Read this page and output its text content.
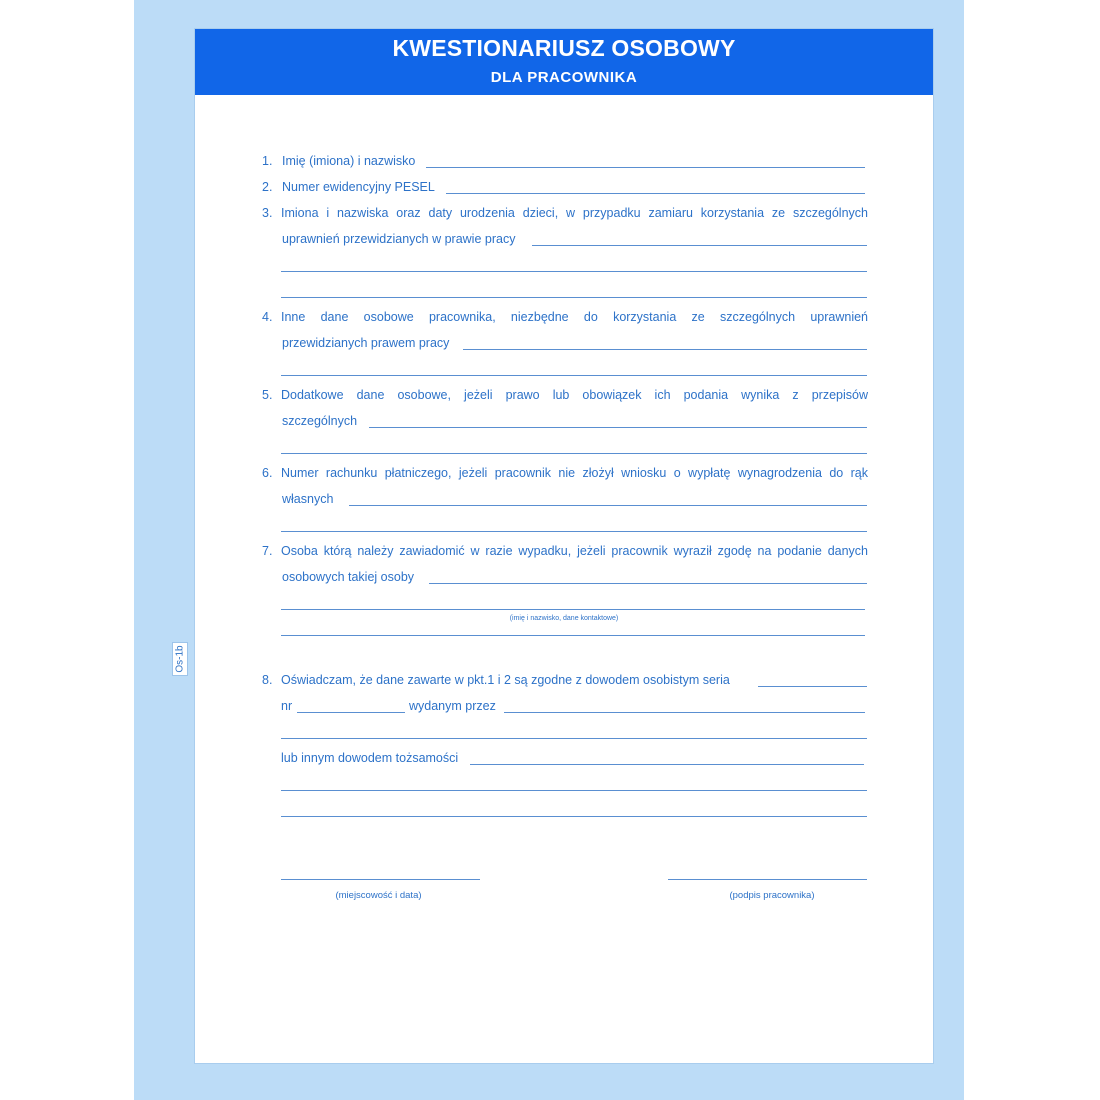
KWESTIONARIUSZ OSOBOWY
DLA PRACOWNIKA
Os-1b
1. Imię (imiona) i nazwisko
2. Numer ewidencyjny PESEL
3. Imiona i nazwiska oraz daty urodzenia dzieci, w przypadku zamiaru korzystania ze szczególnych
uprawnień przewidzianych w prawie pracy
4. Inne dane osobowe pracownika, niezbędne do korzystania ze szczególnych uprawnień
przewidzianych prawem pracy
5. Dodatkowe dane osobowe, jeżeli prawo lub obowiązek ich podania wynika z przepisów
szczególnych
6. Numer rachunku płatniczego, jeżeli pracownik nie złożył wniosku o wypłatę wynagrodzenia do rąk
własnych
7. Osoba którą należy zawiadomić w razie wypadku, jeżeli pracownik wyraził zgodę na podanie danych
osobowych takiej osoby
(imię i nazwisko, dane kontaktowe)
8. Oświadczam, że dane zawarte w pkt.1 i 2 są zgodne z dowodem osobistym seria
nr	wydanym przez
lub innym dowodem tożsamości
(miejscowość i data)	(podpis pracownika)
